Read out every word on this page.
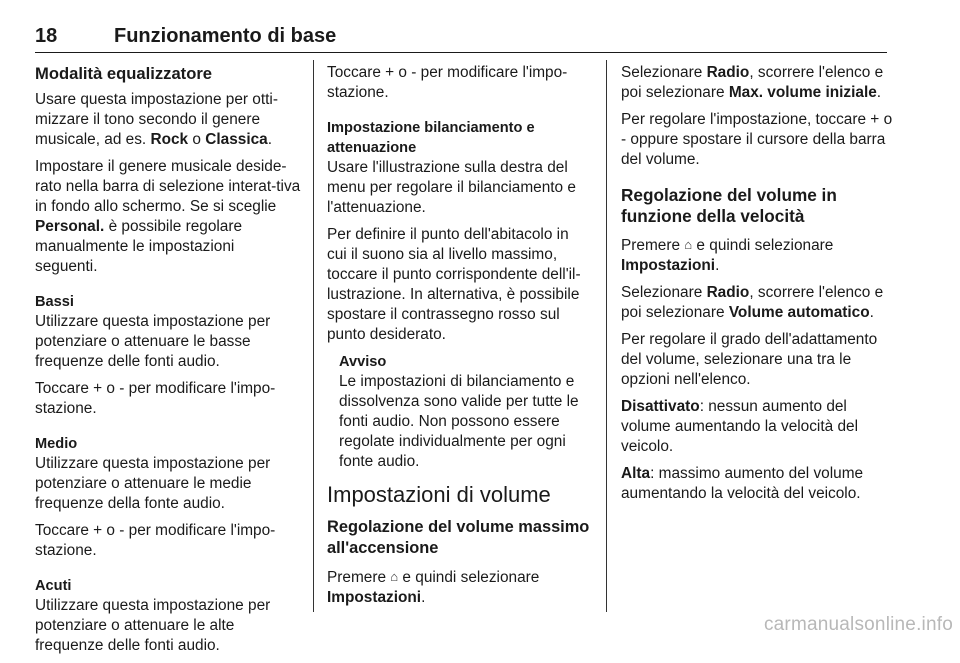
18	Funzionamento di base
Modalità equalizzatore

Usare questa impostazione per otti-mizzare il tono secondo il genere musicale, ad es. Rock o Classica.

Impostare il genere musicale deside-rato nella barra di selezione interat-tiva in fondo allo schermo. Se si sceglie Personal. è possibile regolare manualmente le impostazioni seguenti.

Bassi

Utilizzare questa impostazione per potenziare o attenuare le basse frequenze delle fonti audio.

Toccare + o - per modificare l'impo-stazione.

Medio

Utilizzare questa impostazione per potenziare o attenuare le medie frequenze della fonte audio.

Toccare + o - per modificare l'impo-stazione.

Acuti

Utilizzare questa impostazione per potenziare o attenuare le alte frequenze delle fonti audio.

Toccare + o - per modificare l'impo-stazione.

Impostazione bilanciamento e attenuazione

Usare l'illustrazione sulla destra del menu per regolare il bilanciamento e l'attenuazione.

Per definire il punto dell'abitacolo in cui il suono sia al livello massimo, toccare il punto corrispondente dell'il-lustrazione. In alternativa, è possibile spostare il contrassegno rosso sul punto desiderato.

Avviso
Le impostazioni di bilanciamento e dissolvenza sono valide per tutte le fonti audio. Non possono essere regolate individualmente per ogni fonte audio.
Impostazioni di volume
Regolazione del volume massimo all'accensione

Premere ⌂ e quindi selezionare Impostazioni.

Selezionare Radio, scorrere l'elenco e poi selezionare Max. volume iniziale.

Per regolare l'impostazione, toccare + o - oppure spostare il cursore della barra del volume.

Regolazione del volume in funzione della velocità

Premere ⌂ e quindi selezionare Impostazioni.

Selezionare Radio, scorrere l'elenco e poi selezionare Volume automatico.

Per regolare il grado dell'adattamento del volume, selezionare una tra le opzioni nell'elenco.

Disattivato: nessun aumento del volume aumentando la velocità del veicolo.

Alta: massimo aumento del volume aumentando la velocità del veicolo.

carmanualsonline.info
